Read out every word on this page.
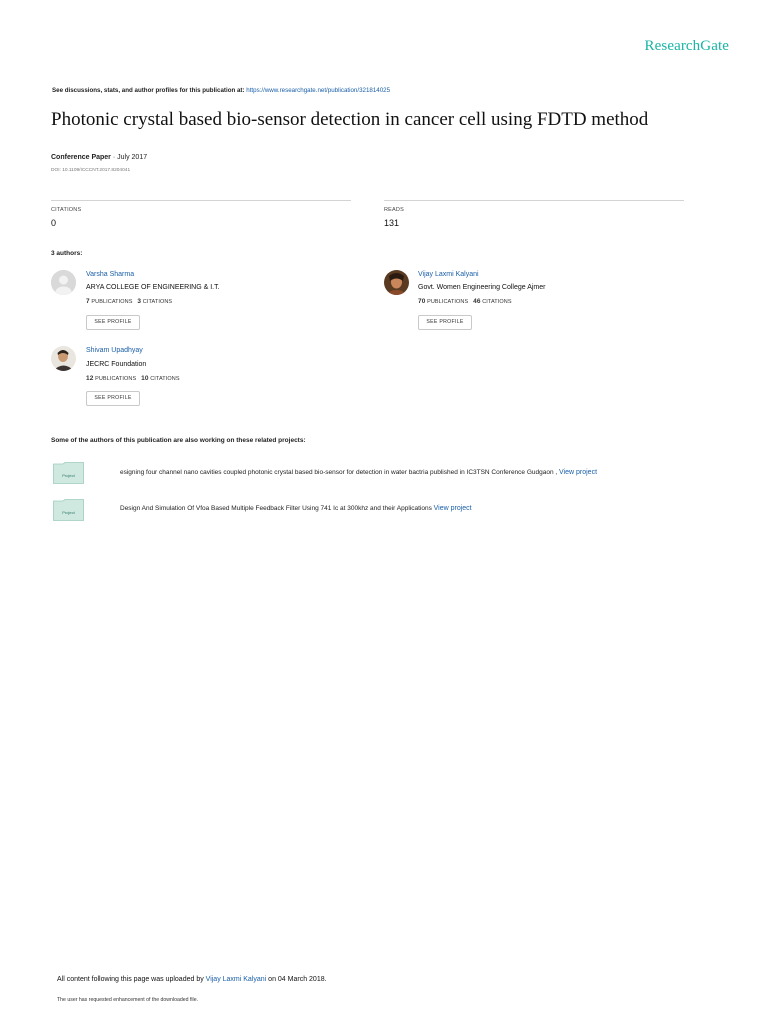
ResearchGate
See discussions, stats, and author profiles for this publication at: https://www.researchgate.net/publication/321814025
Photonic crystal based bio-sensor detection in cancer cell using FDTD method
Conference Paper · July 2017
DOI: 10.1109/ICCCNT.2017.8204041
CITATIONS
0
READS
131
3 authors:
Varsha Sharma
ARYA COLLEGE OF ENGINEERING & I.T.
7 PUBLICATIONS 3 CITATIONS
SEE PROFILE
Vijay Laxmi Kalyani
Govt. Women Engineering College Ajmer
70 PUBLICATIONS 46 CITATIONS
SEE PROFILE
Shivam Upadhyay
JECRC Foundation
12 PUBLICATIONS 10 CITATIONS
SEE PROFILE
Some of the authors of this publication are also working on these related projects:
Project	esigning four channel nano cavities coupled photonic crystal based bio-sensor for detection in water bactria published in IC3TSN Conference Gudgaon , View project
Project
Design And Simulation Of Vfoa Based Multiple Feedback Filter Using 741 Ic at 300khz and their Applications View project
All content following this page was uploaded by Vijay Laxmi Kalyani on 04 March 2018.
The user has requested enhancement of the downloaded file.
